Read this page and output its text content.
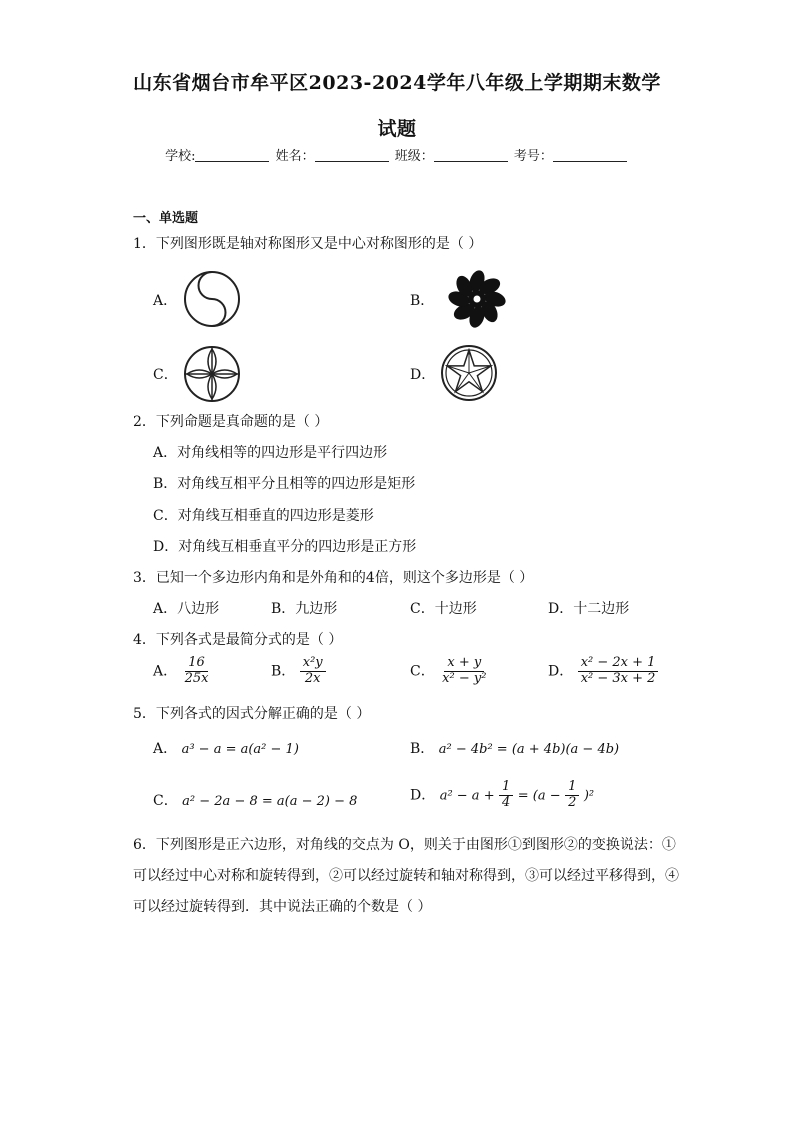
山东省烟台市牟平区2023-2024学年八年级上学期期末数学
试题
学校:	姓名：	班级：	考号：
一、单选题
1．下列图形既是轴对称图形又是中心对称图形的是（ ）
A．	B．
C．	D．
2．下列命题是真命题的是（ ）
A．对角线相等的四边形是平行四边形
B．对角线互相平分且相等的四边形是矩形
C．对角线互相垂直的四边形是菱形
D．对角线互相垂直平分的四边形是正方形
3．已知一个多边形内角和是外角和的4倍，则这个多边形是（ ）
A．八边形	B．九边形	C．十边形	D．十二边形
4．下列各式是最简分式的是（ ）
A． $\frac{16}{25x}$	B． $\frac{\text{x²y}}{2x}$	C． $\frac{x + y}{\text{x² − y²}}$	D． $\frac{\text{x² − 2x + 1}}{\text{x² − 3x + 2}}$
5．下列各式的因式分解正确的是（ ）
A． a³ − a = a(a² − 1)	B． a² − 4b² = (a + 4b)(a − 4b)
C． a² − 2a − 8 = a(a − 2) − 8	D． $a^2 - a + \frac{1}{4} = (a - \frac{1}{2} )^2$
6．下列图形是正六边形，对角线的交点为 O，则关于由图形①到图形②的变换说法：①
可以经过中心对称和旋转得到，②可以经过旋转和轴对称得到，③可以经过平移得到，④
可以经过旋转得到．其中说法正确的个数是（ ）
